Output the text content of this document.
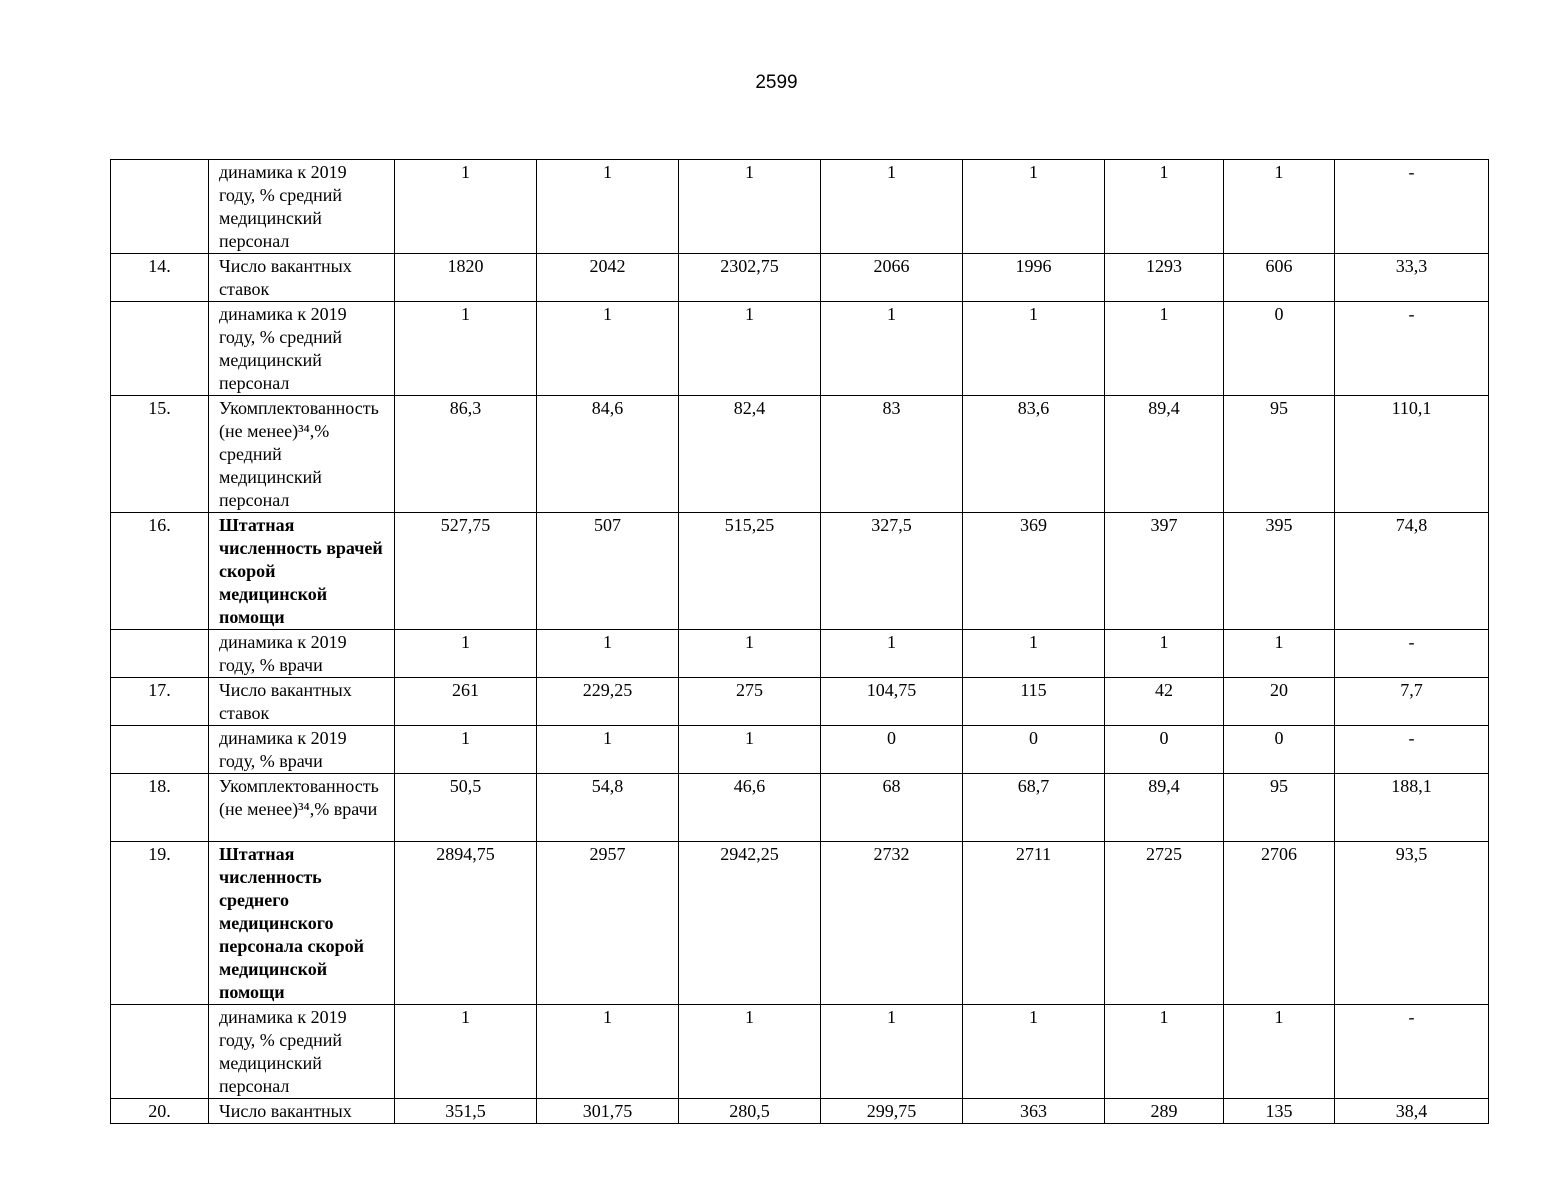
2599
	динамика к 2019 году, % средний медицинский персонал	1	1	1	1	1	1	1	-
14.	Число вакантных ставок	1820	2042	2302,75	2066	1996	1293	606	33,3
	динамика к 2019 году, % средний медицинский персонал	1	1	1	1	1	1	0	-
15.	Укомплектованность (не менее)³⁴,% средний медицинский персонал	86,3	84,6	82,4	83	83,6	89,4	95	110,1
16.	Штатная численность врачей скорой медицинской помощи	527,75	507	515,25	327,5	369	397	395	74,8
	динамика к 2019 году, % врачи	1	1	1	1	1	1	1	-
17.	Число вакантных ставок	261	229,25	275	104,75	115	42	20	7,7
	динамика к 2019 году, % врачи	1	1	1	0	0	0	0	-
18.	Укомплектованность (не менее)³⁴,% врачи	50,5	54,8	46,6	68	68,7	89,4	95	188,1
19.	Штатная численность среднего медицинского персонала скорой медицинской помощи	2894,75	2957	2942,25	2732	2711	2725	2706	93,5
	динамика к 2019 году, % средний медицинский персонал	1	1	1	1	1	1	1	-
20.	Число вакантных	351,5	301,75	280,5	299,75	363	289	135	38,4
